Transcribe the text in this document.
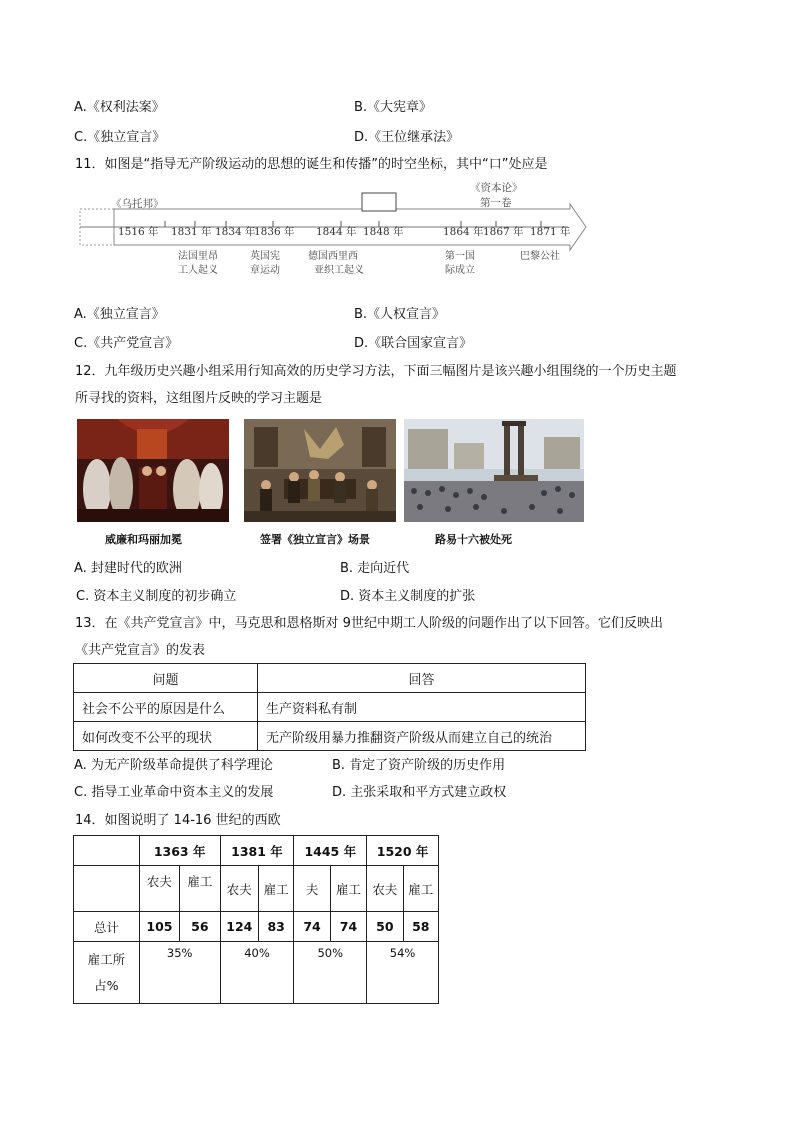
A.《权利法案》	B.《大宪章》
C.《独立宣言》	D.《王位继承法》
11．如图是“指导无产阶级运动的思想的诞生和传播”的时空坐标，其中“口”处应是
《乌托邦》
《资本论》
第一卷
1516 年 1831 年 1834 年
1836 年 1844 年 1848 年	1864 年 1867 年 1871 年
法国里昂
工人起义
英国宪
章运动
德国西里西
亚织工起义
第一国
际成立
巴黎公社
A.《独立宣言》	B.《人权宣言》
C.《共产党宣言》	D.《联合国家宣言》
12．九年级历史兴趣小组采用行知高效的历史学习方法，下面三幅图片是该兴趣小组围绕的一个历史主题
所寻找的资料，这组图片反映的学习主题是
威廉和玛丽加冕	签署《独立宣言》场景	路易十六被处死
A. 封建时代的欧洲	B. 走向近代
C. 资本主义制度的初步确立	D. 资本主义制度的扩张
13．在《共产党宣言》中，马克思和恩格斯对 9世纪中期工人阶级的问题作出了以下回答。它们反映出
《共产党宣言》的发表
问题	回答
社会不公平的原因是什么	生产资料私有制
如何改变不公平的现状	无产阶级用暴力推翻资产阶级从而建立自己的统治
A. 为无产阶级革命提供了科学理论	B. 肯定了资产阶级的历史作用
C. 指导工业革命中资本主义的发展	D. 主张采取和平方式建立政权
14．如图说明了 14-16 世纪的西欧
	1363 年		1381 年		1445 年		1520 年	
	农夫	雇工	农夫	雇工	夫	雇工	农夫	雇工
总计	105	56	124	83	74	74	50	58
雇工所
占%	35%		40%		50%		54%	
